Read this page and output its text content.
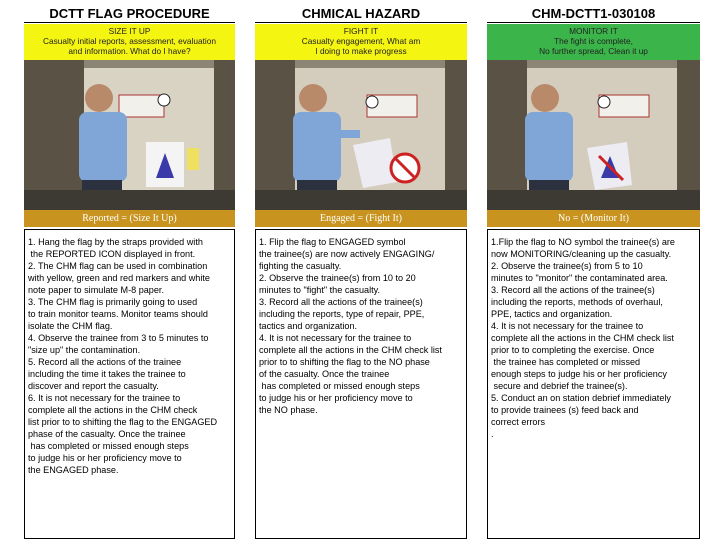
DCTT FLAG PROCEDURE	CHMICAL HAZARD	CHM-DCTT1-030108
SIZE IT UP
Casualty initial reports, assessment, evaluation
and information. What do I have?
FIGHT IT
Casualty engagement, What am
I doing to make progress
MONITOR IT
The fight is complete,
No further spread, Clean it up
Reported = (Size It Up)	Engaged = (Fight It)	No = (Monitor It)
1. Hang the flag by the straps provided with
the REPORTED ICON displayed in front.
2. The CHM flag can be used in combination
with yellow, green and red markers and white
note paper to simulate M-8 paper.
3. The CHM flag is primarily going to used
to train monitor teams. Monitor teams should
isolate the CHM flag.
4. Observe the trainee from 3 to 5 minutes to
"size up" the contamination.
5. Record all the actions of the trainee
including the time it takes the trainee to
discover and report the casualty.
6. It is not necessary for the trainee to
complete all the actions in the CHM check
list prior to to shifting the flag to the ENGAGED
phase of the casualty. Once the trainee
has completed or missed enough steps
to judge his or her proficiency move to
the ENGAGED phase.
1. Flip the flag to ENGAGED symbol
the trainee(s) are now actively ENGAGING/
fighting the casualty.
2. Observe the trainee(s) from 10 to 20
minutes to "fight" the casualty.
3. Record all the actions of the trainee(s)
including the reports, type of repair, PPE,
tactics and organization.
4. It is not necessary for the trainee to
complete all the actions in the CHM check list
prior to to shifting the flag to the NO phase
of the casualty. Once the trainee
has completed or missed enough steps
to judge his or her proficiency move to
the NO phase.
1.Flip the flag to NO symbol the trainee(s) are
now MONITORING/cleaning up the casualty.
2. Observe the trainee(s) from 5 to 10
minutes to "monitor" the contaminated area.
3. Record all the actions of the trainee(s)
including the reports, methods of overhaul,
PPE, tactics and organization.
4. It is not necessary for the trainee to
complete all the actions in the CHM check list
prior to to completing the exercise. Once
the trainee has completed or missed
enough steps to judge his or her proficiency
secure and debrief the trainee(s).
5. Conduct an on station debrief immediately
to provide trainees (s) feed back and
correct errors
.
